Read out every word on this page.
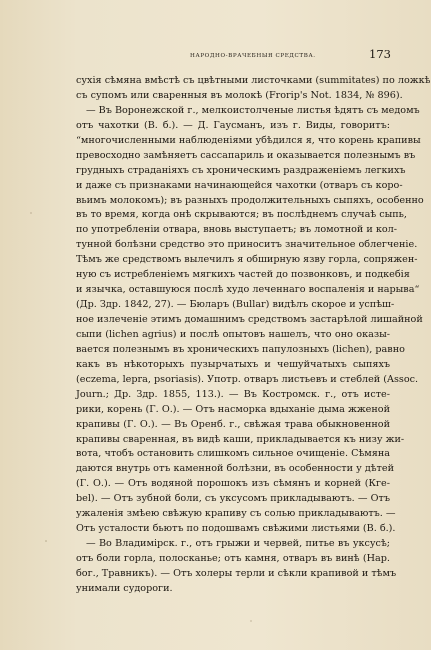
НАРОДНО-ВРАЧЕБНЫЯ СРЕДСТВА.	173
сухія сѣмяна вмѣстѣ съ цвѣтными листочками (summitates) по ложкѣ
съ супомъ или сваренныя въ молокѣ (Frorip's Not. 1834, № 896).
— Въ Воронежской г., мелкоистолченые листья ѣдятъ съ медомъ
отъ чахотки (В. б.). — Д. Гаусманъ, изъ г. Виды, говоритъ:
“многочисленными наблюденіями убѣдился я, что корень крапивы
превосходно замѣняетъ сассапариль и оказывается полезнымъ въ
грудныхъ страданіяхъ съ хроническимъ раздраженіемъ легкихъ
и даже съ признаками начинающейся чахотки (отваръ съ коро-
вьимъ молокомъ); въ разныхъ продолжительныхъ сыпяхъ, особенно
въ то время, когда онѣ скрываются; въ послѣднемъ случаѣ сыпь,
по употребленіи отвара, вновь выступаетъ; въ ломотной и кол-
тунной болѣзни средство это приноситъ значительное облегченіе.
Тѣмъ же средствомъ вылечилъ я обширную язву горла, сопряжен-
ную съ истребленіемъ мягкихъ частей до позвонковъ, и подкебія
и язычка, оставшуюся послѣ худо леченнаго воспаленія и нарыва“
(Др. Здр. 1842, 27). — Бюларъ (Bullar) видѣлъ скорое и успѣш-
ное излеченіе этимъ домашнимъ средствомъ застарѣлой лишайной
сыпи (lichen agrius) и послѣ опытовъ нашелъ, что оно оказы-
вается полезнымъ въ хроническихъ папулозныхъ (lichen), равно
какъ въ нѣкоторыхъ пузырчатыхъ и чешуйчатыхъ сыпяхъ
(eczema, lepra, psoriasis). Употр. отваръ листьевъ и стеблей (Assoc.
Journ.; Др. Здр. 1855, 113.). — Въ Костромск. г., отъ истe-
рики, корень (Г. О.). — Отъ насморка вдыханіе дыма жженой
крапивы (Г. О.). — Въ Оренб. г., свѣжая трава обыкновенной
крапивы сваренная, въ видѣ каши, прикладывается къ низу жи-
вота, чтобъ остановить слишкомъ сильное очищеніе. Сѣмяна
даются внутрь отъ каменной болѣзни, въ особенности у дѣтей
(Г. О.). — Отъ водяной порошокъ изъ сѣмянъ и корней (Кге-
bel). — Отъ зубной боли, съ уксусомъ прикладываютъ. — Отъ
ужаленія змѣею свѣжую крапиву съ солью прикладываютъ. —
Отъ усталости бьютъ по подошвамъ свѣжими листьями (В. б.).
— Во Владимірск. г., отъ грыжи и червей, питье въ уксусѣ;
отъ боли горла, полосканье; отъ камня, отваръ въ винѣ (Нар.
бог., Травникъ). — Отъ холеры терли и сѣкли крапивой и тѣмъ
унимали судороги.
